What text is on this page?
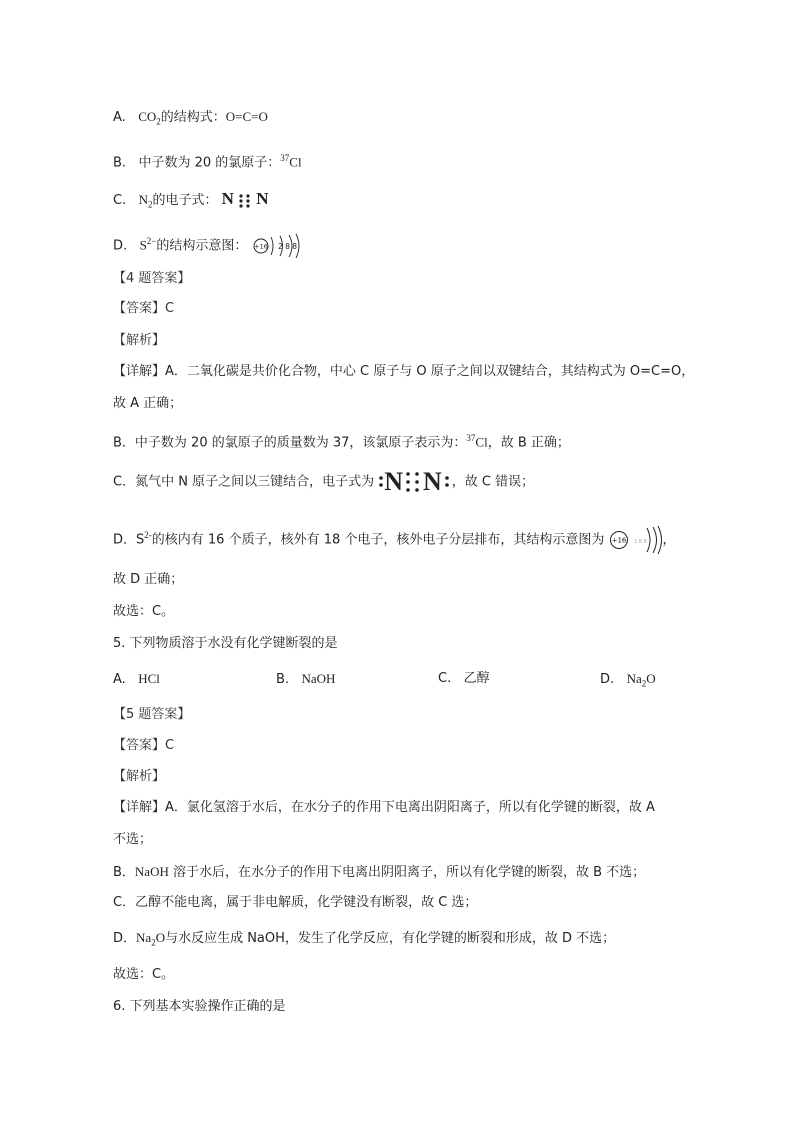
A. $CO_2$的结构式：O=C=O
B. 中子数为 20 的氯原子：$^{37}$Cl
C. $N_2$的电子式： N N
D. $S^{2-}$的结构示意图： +16 2 8 8
【4 题答案】
【答案】C
【解析】
【详解】A．二氧化碳是共价化合物，中心 C 原子与 O 原子之间以双键结合，其结构式为 O=C=O，
故 A 正确；
B．中子数为 20 的氯原子的质量数为 37，该氯原子表示为：$^{37}$Cl，故 B 正确；
C．氮气中 N 原子之间以三键结合，电子式为 N N ，故 C 错误；
D．$S^{2-}$的核内有 16 个质子，核外有 18 个电子，核外电子分层排布，其结构示意图为 +16 2 8 8 ，
故 D 正确；
故选：C。
5. 下列物质溶于水没有化学键断裂的是
A. HCl	B. NaOH	C. 乙醇	D. $Na_2O$
【5 题答案】
【答案】C
【解析】
【详解】A．氯化氢溶于水后，在水分子的作用下电离出阴阳离子，所以有化学键的断裂，故 A
不选；
B．NaOH 溶于水后，在水分子的作用下电离出阴阳离子，所以有化学键的断裂，故 B 不选；
C．乙醇不能电离，属于非电解质，化学键没有断裂，故 C 选；
D．$Na_2O$与水反应生成 NaOH，发生了化学反应，有化学键的断裂和形成，故 D 不选；
故选：C。
6. 下列基本实验操作正确的是
